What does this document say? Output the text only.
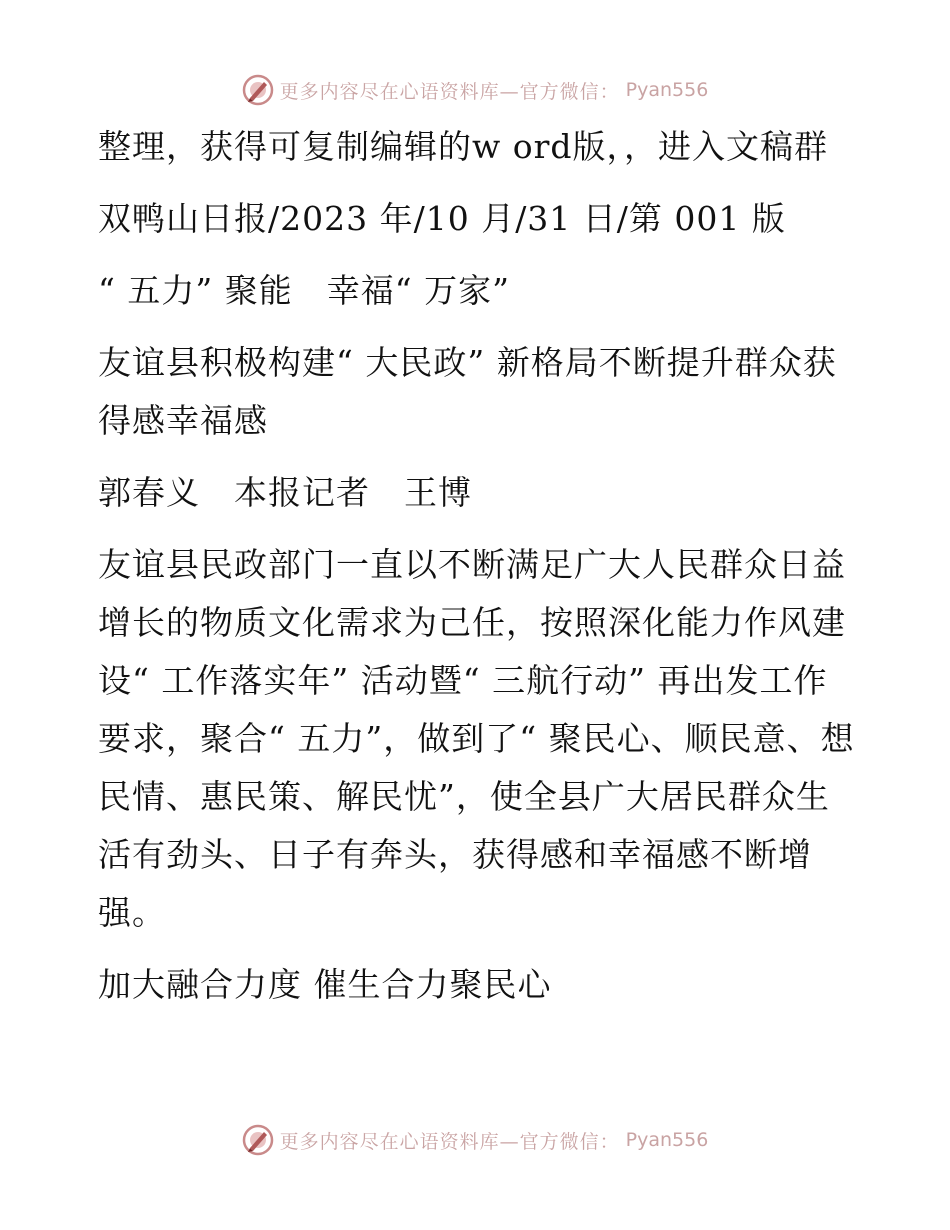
更多内容尽在心语资料库—官方微信： Pyan556

整理，获得可复制编辑的w ord版，，进入文稿群

双鸭山日报/2023 年/10 月/31 日/第 001 版

“ 五力” 聚能　幸福“ 万家”

友谊县积极构建“ 大民政” 新格局不断提升群众获得感幸福感

郭春义　本报记者　王博

友谊县民政部门一直以不断满足广大人民群众日益增长的物质文化需求为己任，按照深化能力作风建设“ 工作落实年” 活动暨“ 三航行动” 再出发工作要求，聚合“ 五力”，做到了“ 聚民心、顺民意、想民情、惠民策、解民忧”，使全县广大居民群众生活有劲头、日子有奔头，获得感和幸福感不断增强。

加大融合力度 催生合力聚民心

更多内容尽在心语资料库—官方微信： Pyan556
